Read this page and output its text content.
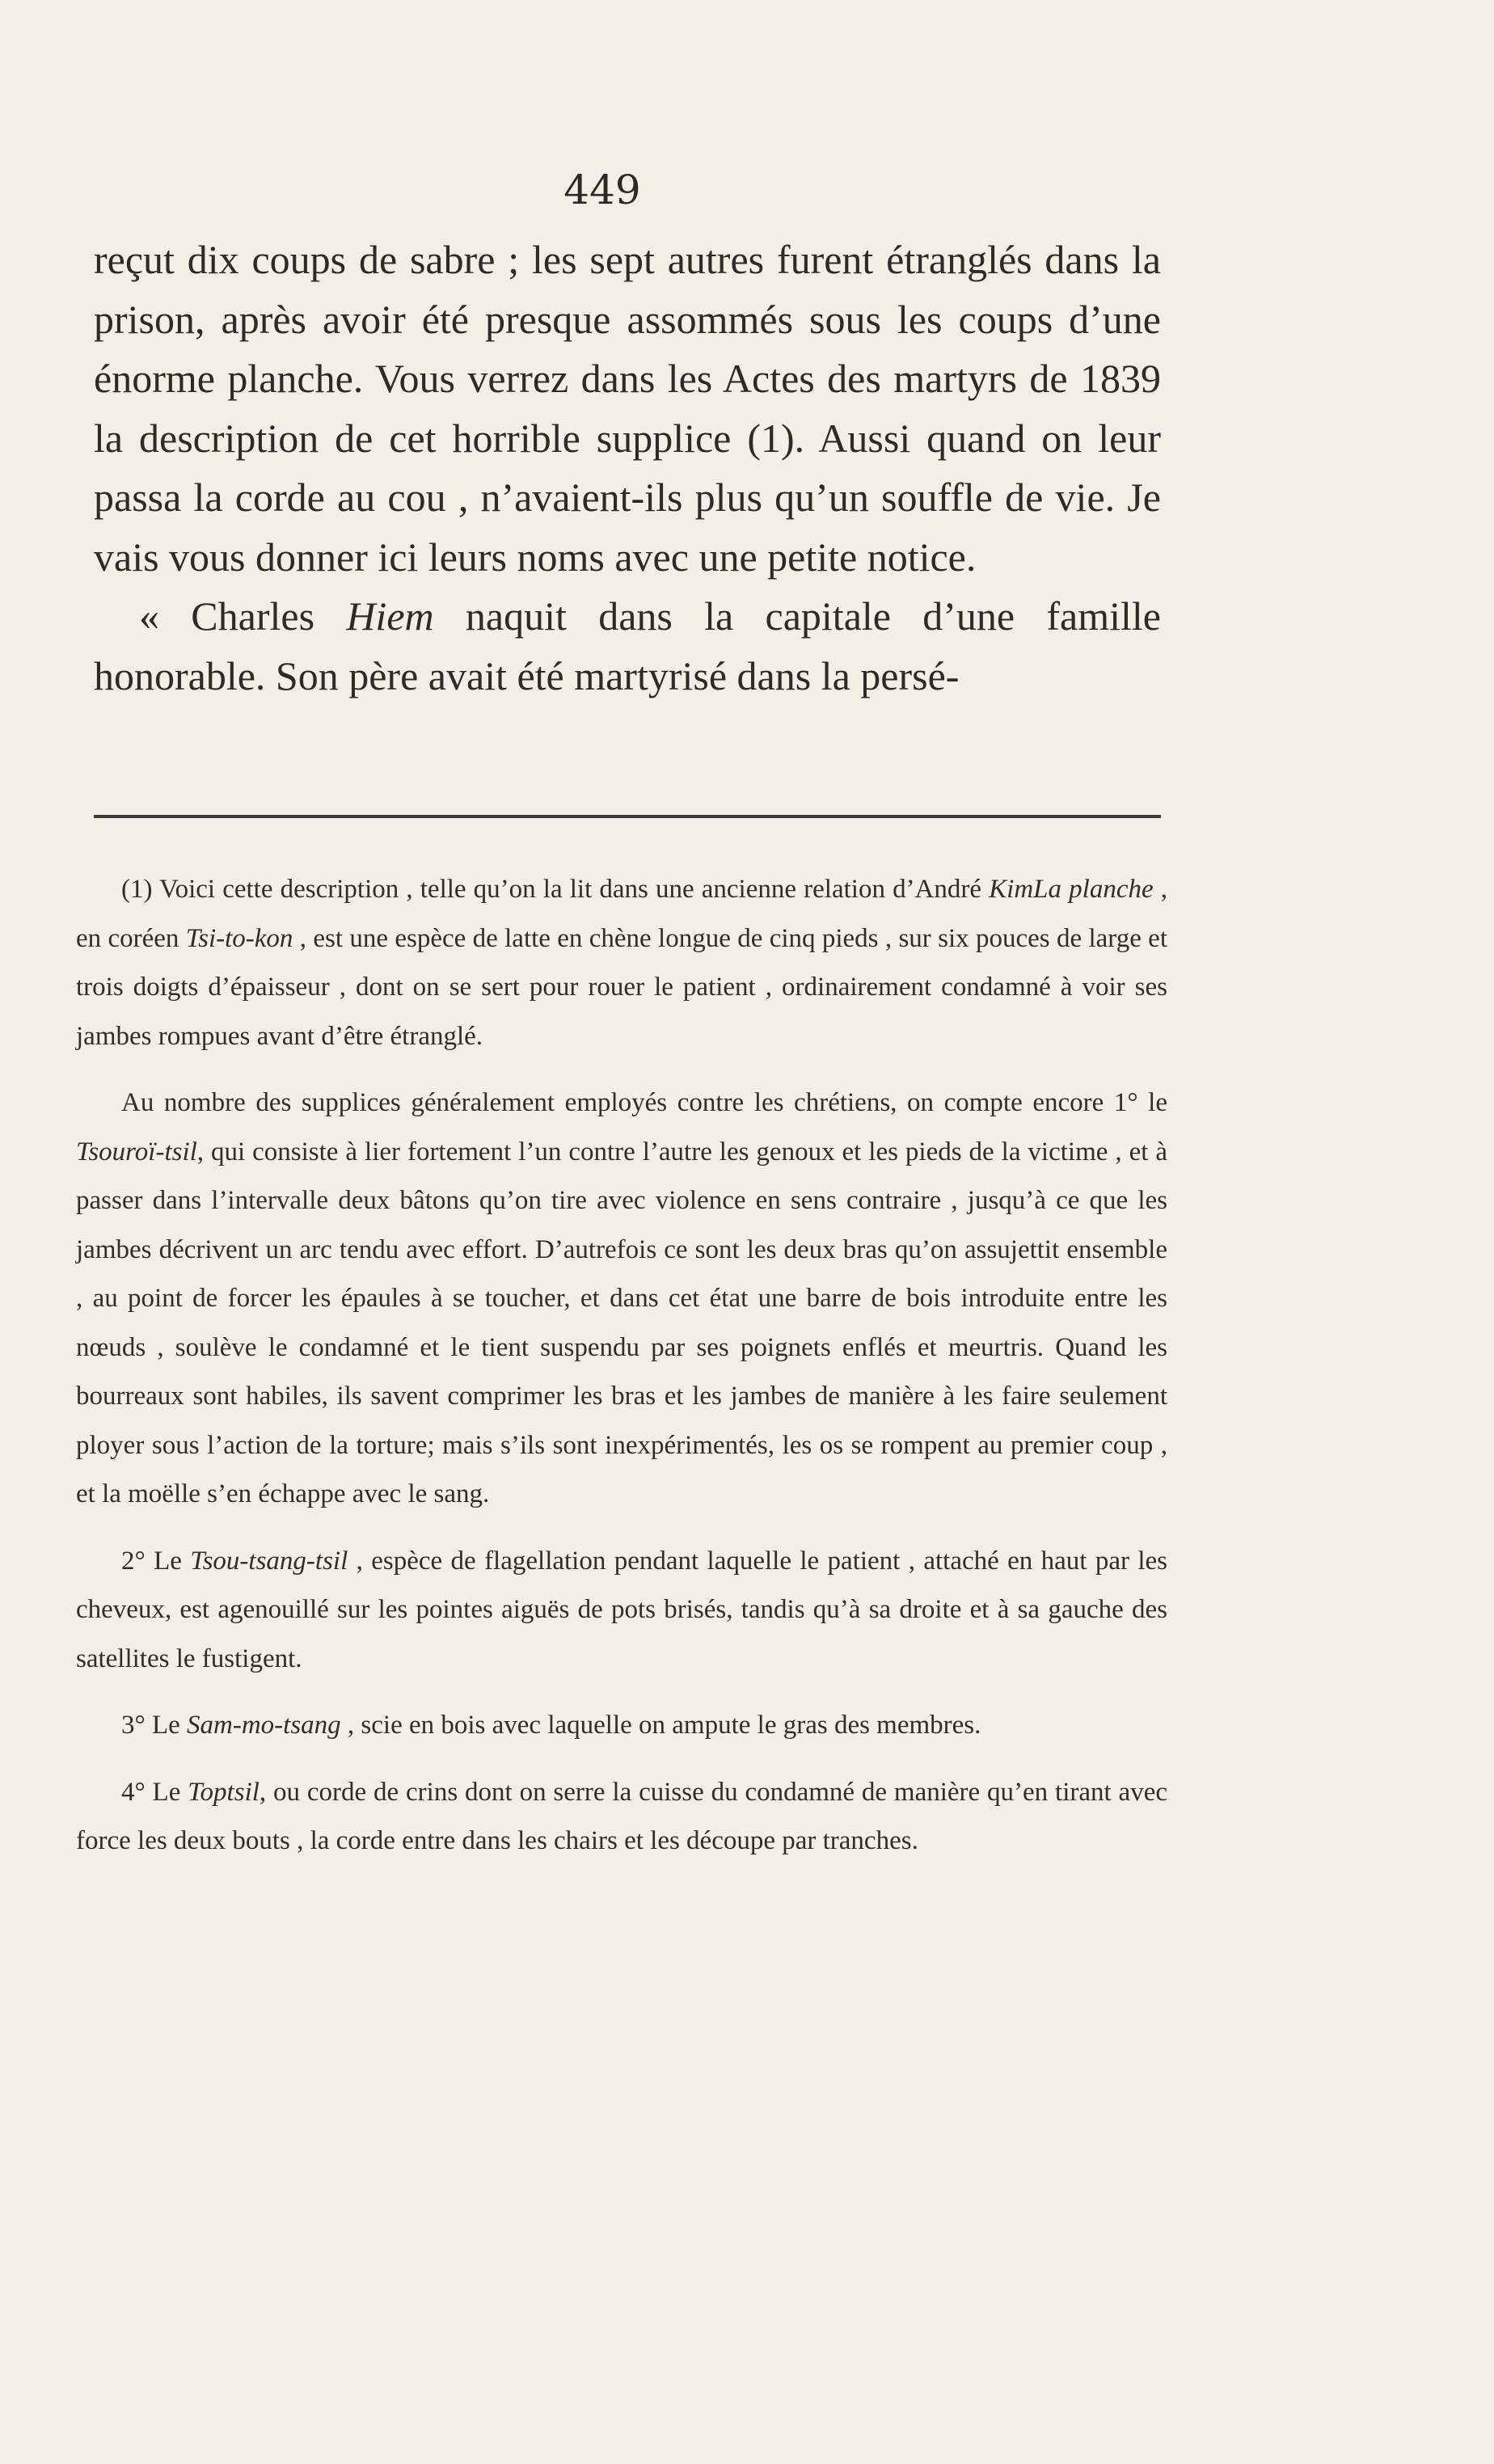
449

reçut dix coups de sabre ; les sept autres furent étranglés dans la prison, après avoir été presque assommés sous les coups d’une énorme planche. Vous verrez dans les Actes des martyrs de 1839 la description de cet horrible supplice (1). Aussi quand on leur passa la corde au cou , n’avaient-ils plus qu’un souffle de vie. Je vais vous donner ici leurs noms avec une petite notice.

« Charles Hiem naquit dans la capitale d’une famille honorable. Son père avait été martyrisé dans la persé-

(1) Voici cette description , telle qu’on la lit dans une ancienne relation d’André KimLa planche , en coréen Tsi-to-kon , est une espèce de latte en chène longue de cinq pieds , sur six pouces de large et trois doigts d’épaisseur , dont on se sert pour rouer le patient , ordinairement condamné à voir ses jambes rompues avant d’être étranglé.

Au nombre des supplices généralement employés contre les chrétiens, on compte encore 1° le Tsouroï-tsil, qui consiste à lier fortement l’un contre l’autre les genoux et les pieds de la victime , et à passer dans l’intervalle deux bâtons qu’on tire avec violence en sens contraire , jusqu’à ce que les jambes décrivent un arc tendu avec effort. D’autrefois ce sont les deux bras qu’on assujettit ensemble , au point de forcer les épaules à se toucher, et dans cet état une barre de bois introduite entre les nœuds , soulève le condamné et le tient suspendu par ses poignets enflés et meurtris. Quand les bourreaux sont habiles, ils savent comprimer les bras et les jambes de manière à les faire seulement ployer sous l’action de la torture; mais s’ils sont inexpérimentés, les os se rompent au premier coup , et la moëlle s’en échappe avec le sang.

2° Le Tsou-tsang-tsil , espèce de flagellation pendant laquelle le patient , attaché en haut par les cheveux, est agenouillé sur les pointes aiguës de pots brisés, tandis qu’à sa droite et à sa gauche des satellites le fustigent.

3° Le Sam-mo-tsang , scie en bois avec laquelle on ampute le gras des membres.

4° Le Toptsil, ou corde de crins dont on serre la cuisse du condamné de manière qu’en tirant avec force les deux bouts , la corde entre dans les chairs et les découpe par tranches.
